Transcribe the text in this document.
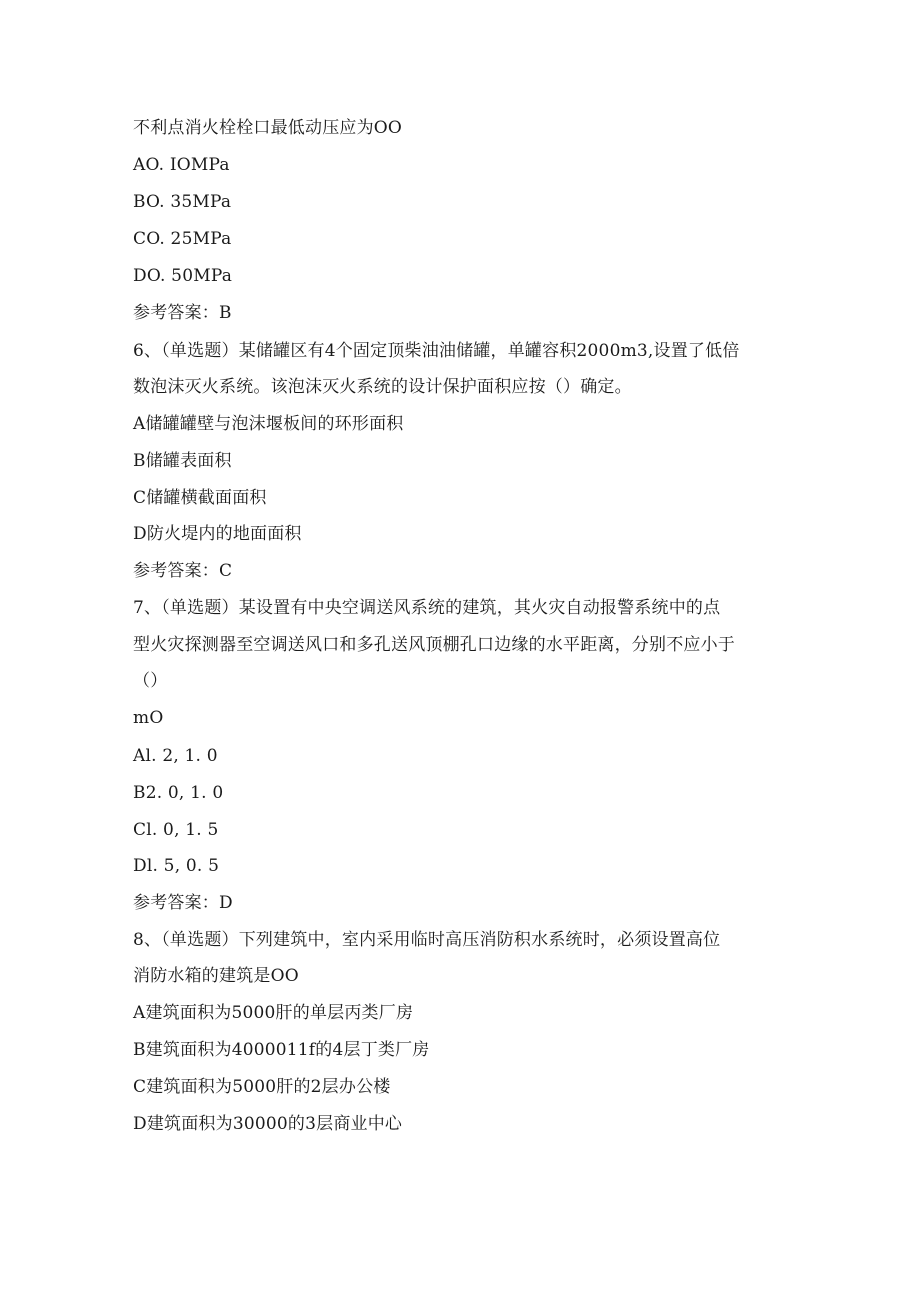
不利点消火栓栓口最低动压应为OO
AO. IOMPa
BO. 35MPa
CO. 25MPa
DO. 50MPa
参考答案：B
6、（单选题）某储罐区有4个固定顶柴油油储罐，单罐容积2000m3,设置了低倍
数泡沫灭火系统。该泡沫灭火系统的设计保护面积应按（）确定。
A储罐罐壁与泡沫堰板间的环形面积
B储罐表面积
C储罐横截面面积
D防火堤内的地面面积
参考答案：C
7、（单选题）某设置有中央空调送风系统的建筑，其火灾自动报警系统中的点
型火灾探测器至空调送风口和多孔送风顶棚孔口边缘的水平距离，分别不应小于
（）
mO
Al. 2, 1. 0
B2. 0, 1. 0
Cl. 0, 1. 5
Dl. 5, 0. 5
参考答案：D
8、（单选题）下列建筑中，室内采用临时高压消防积水系统时，必须设置高位
消防水箱的建筑是OO
A建筑面积为5000肝的单层丙类厂房
B建筑面积为4000011f的4层丁类厂房
C建筑面积为5000肝的2层办公楼
D建筑面积为30000的3层商业中心
